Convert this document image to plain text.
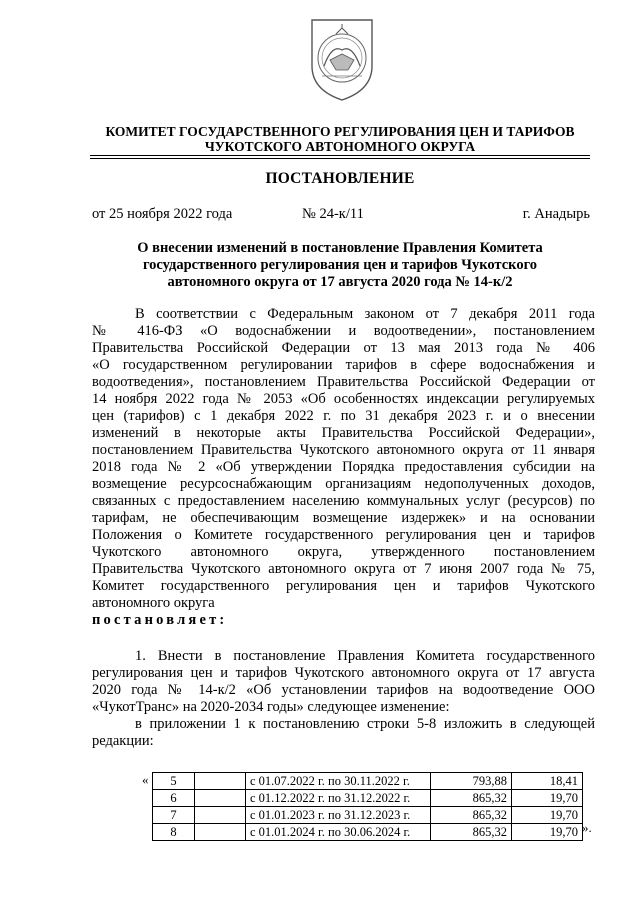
КОМИТЕТ ГОСУДАРСТВЕННОГО РЕГУЛИРОВАНИЯ ЦЕН И ТАРИФОВ
ЧУКОТСКОГО АВТОНОМНОГО ОКРУГА
ПОСТАНОВЛЕНИЕ
от 25 ноября 2022 года	№ 24-к/11	г. Анадырь
О внесении изменений в постановление Правления Комитета
государственного регулирования цен и тарифов Чукотского
автономного округа от 17 августа 2020 года № 14-к/2
В соответствии с Федеральным законом от 7 декабря 2011 года
№ 416-ФЗ «О водоснабжении и водоотведении», постановлением
Правительства Российской Федерации от 13 мая 2013 года № 406
«О государственном регулировании тарифов в сфере водоснабжения и
водоотведения», постановлением Правительства Российской Федерации от
14 ноября 2022 года № 2053 «Об особенностях индексации регулируемых
цен (тарифов) с 1 декабря 2022 г. по 31 декабря 2023 г. и о внесении
изменений в некоторые акты Правительства Российской Федерации»,
постановлением Правительства Чукотского автономного округа от 11 января
2018 года № 2 «Об утверждении Порядка предоставления субсидии на
возмещение ресурсоснабжающим организациям недополученных доходов,
связанных с предоставлением населению коммунальных услуг (ресурсов) по
тарифам, не обеспечивающим возмещение издержек» и на основании
Положения о Комитете государственного регулирования цен и тарифов
Чукотского автономного округа, утвержденного постановлением
Правительства Чукотского автономного округа от 7 июня 2007 года № 75,
Комитет государственного регулирования цен и тарифов Чукотского
автономного округа
постановляет:
1. Внести в постановление Правления Комитета государственного
регулирования цен и тарифов Чукотского автономного округа от 17 августа
2020 года № 14-к/2 «Об установлении тарифов на водоотведение ООО
«ЧукотТранс» на 2020-2034 годы» следующее изменение:
в приложении 1 к постановлению строки 5-8 изложить в следующей
редакции:
« 5		с 01.07.2022 г. по 30.11.2022 г.	793,88	18,41
6		с 01.12.2022 г. по 31.12.2022 г.	865,32	19,70
7		с 01.01.2023 г. по 31.12.2023 г.	865,32	19,70
8		с 01.01.2024 г. по 30.06.2024 г.	865,32	19,70 ».
